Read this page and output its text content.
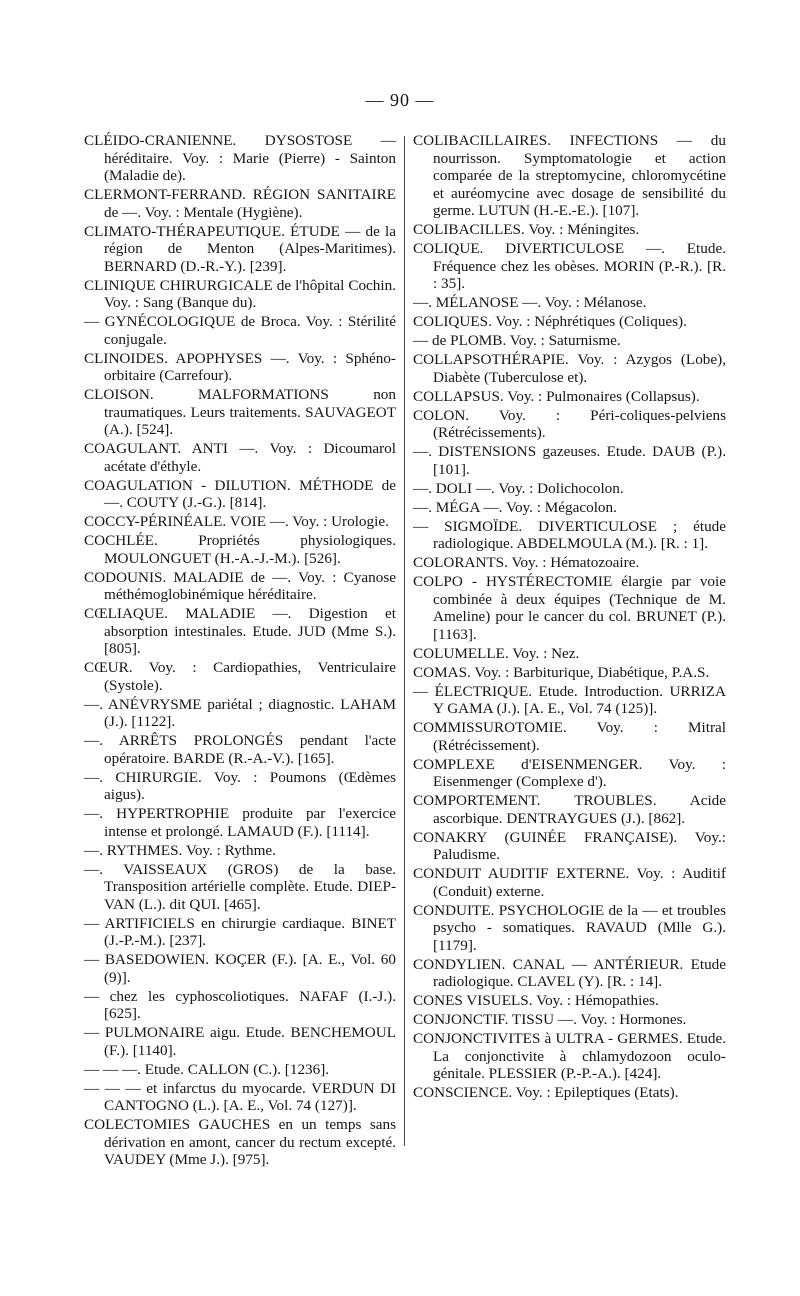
— 90 —

CLÉIDO-CRANIENNE. DYSOSTOSE — héréditaire. Voy. : Marie (Pierre) - Sainton (Maladie de).

CLERMONT-FERRAND. RÉGION SANITAIRE de —. Voy. : Mentale (Hygiène).

CLIMATO-THÉRAPEUTIQUE. ÉTUDE — de la région de Menton (Alpes-Maritimes). BERNARD (D.-R.-Y.). [239].

CLINIQUE CHIRURGICALE de l'hôpital Cochin. Voy. : Sang (Banque du).

— GYNÉCOLOGIQUE de Broca. Voy. : Stérilité conjugale.

CLINOIDES. APOPHYSES —. Voy. : Sphéno-orbitaire (Carrefour).

CLOISON. MALFORMATIONS non traumatiques. Leurs traitements. SAUVAGEOT (A.). [524].

COAGULANT. ANTI —. Voy. : Dicoumarol acétate d'éthyle.

COAGULATION - DILUTION. MÉTHODE de —. COUTY (J.-G.). [814].

COCCY-PÉRINÉALE. VOIE —. Voy. : Urologie.

COCHLÉE. Propriétés physiologiques. MOULONGUET (H.-A.-J.-M.). [526].

CODOUNIS. MALADIE de —. Voy. : Cyanose méthémoglobinémique héréditaire.

CŒLIAQUE. MALADIE —. Digestion et absorption intestinales. Etude. JUD (Mme S.). [805].

CŒUR. Voy. : Cardiopathies, Ventriculaire (Systole).

—. ANÉVRYSME pariétal ; diagnostic. LAHAM (J.). [1122].

—. ARRÊTS PROLONGÉS pendant l'acte opératoire. BARDE (R.-A.-V.). [165].

—. CHIRURGIE. Voy. : Poumons (Œdèmes aigus).

—. HYPERTROPHIE produite par l'exercice intense et prolongé. LAMAUD (F.). [1114].

—. RYTHMES. Voy. : Rythme.

—. VAISSEAUX (GROS) de la base. Transposition artérielle complète. Etude. DIEP-VAN (L.). dit QUI. [465].

— ARTIFICIELS en chirurgie cardiaque. BINET (J.-P.-M.). [237].

— BASEDOWIEN. KOÇER (F.). [A. E., Vol. 60 (9)].

— chez les cyphoscoliotiques. NAFAF (I.-J.). [625].

— PULMONAIRE aigu. Etude. BENCHEMOUL (F.). [1140].

— — —. Etude. CALLON (C.). [1236].

— — — et infarctus du myocarde. VERDUN DI CANTOGNO (L.). [A. E., Vol. 74 (127)].

COLECTOMIES GAUCHES en un temps sans dérivation en amont, cancer du rectum excepté. VAUDEY (Mme J.). [975].

COLIBACILLAIRES. INFECTIONS — du nourrisson. Symptomatologie et action comparée de la streptomycine, chloromycétine et auréomycine avec dosage de sensibilité du germe. LUTUN (H.-E.-E.). [107].

COLIBACILLES. Voy. : Méningites.

COLIQUE. DIVERTICULOSE —. Etude. Fréquence chez les obèses. MORIN (P.-R.). [R. : 35].

—. MÉLANOSE —. Voy. : Mélanose.

COLIQUES. Voy. : Néphrétiques (Coliques).

— de PLOMB. Voy. : Saturnisme.

COLLAPSOTHÉRAPIE. Voy. : Azygos (Lobe), Diabète (Tuberculose et).

COLLAPSUS. Voy. : Pulmonaires (Collapsus).

COLON. Voy. : Péri-coliques-pelviens (Rétrécissements).

—. DISTENSIONS gazeuses. Etude. DAUB (P.). [101].

—. DOLI —. Voy. : Dolichocolon.

—. MÉGA —. Voy. : Mégacolon.

— SIGMOÏDE. DIVERTICULOSE ; étude radiologique. ABDELMOULA (M.). [R. : 1].

COLORANTS. Voy. : Hématozoaire.

COLPO - HYSTÉRECTOMIE élargie par voie combinée à deux équipes (Technique de M. Ameline) pour le cancer du col. BRUNET (P.). [1163].

COLUMELLE. Voy. : Nez.

COMAS. Voy. : Barbiturique, Diabétique, P.A.S.

— ÉLECTRIQUE. Etude. Introduction. URRIZA Y GAMA (J.). [A. E., Vol. 74 (125)].

COMMISSUROTOMIE. Voy. : Mitral (Rétrécissement).

COMPLEXE d'EISENMENGER. Voy. : Eisenmenger (Complexe d').

COMPORTEMENT. TROUBLES. Acide ascorbique. DENTRAYGUES (J.). [862].

CONAKRY (GUINÉE FRANÇAISE). Voy.: Paludisme.

CONDUIT AUDITIF EXTERNE. Voy. : Auditif (Conduit) externe.

CONDUITE. PSYCHOLOGIE de la — et troubles psycho - somatiques. RAVAUD (Mlle G.). [1179].

CONDYLIEN. CANAL — ANTÉRIEUR. Etude radiologique. CLAVEL (Y). [R. : 14].

CONES VISUELS. Voy. : Hémopathies.

CONJONCTIF. TISSU —. Voy. : Hormones.

CONJONCTIVITES à ULTRA - GERMES. Etude. La conjonctivite à chlamydozoon oculo-génitale. PLESSIER (P.-P.-A.). [424].

CONSCIENCE. Voy. : Epileptiques (Etats).
